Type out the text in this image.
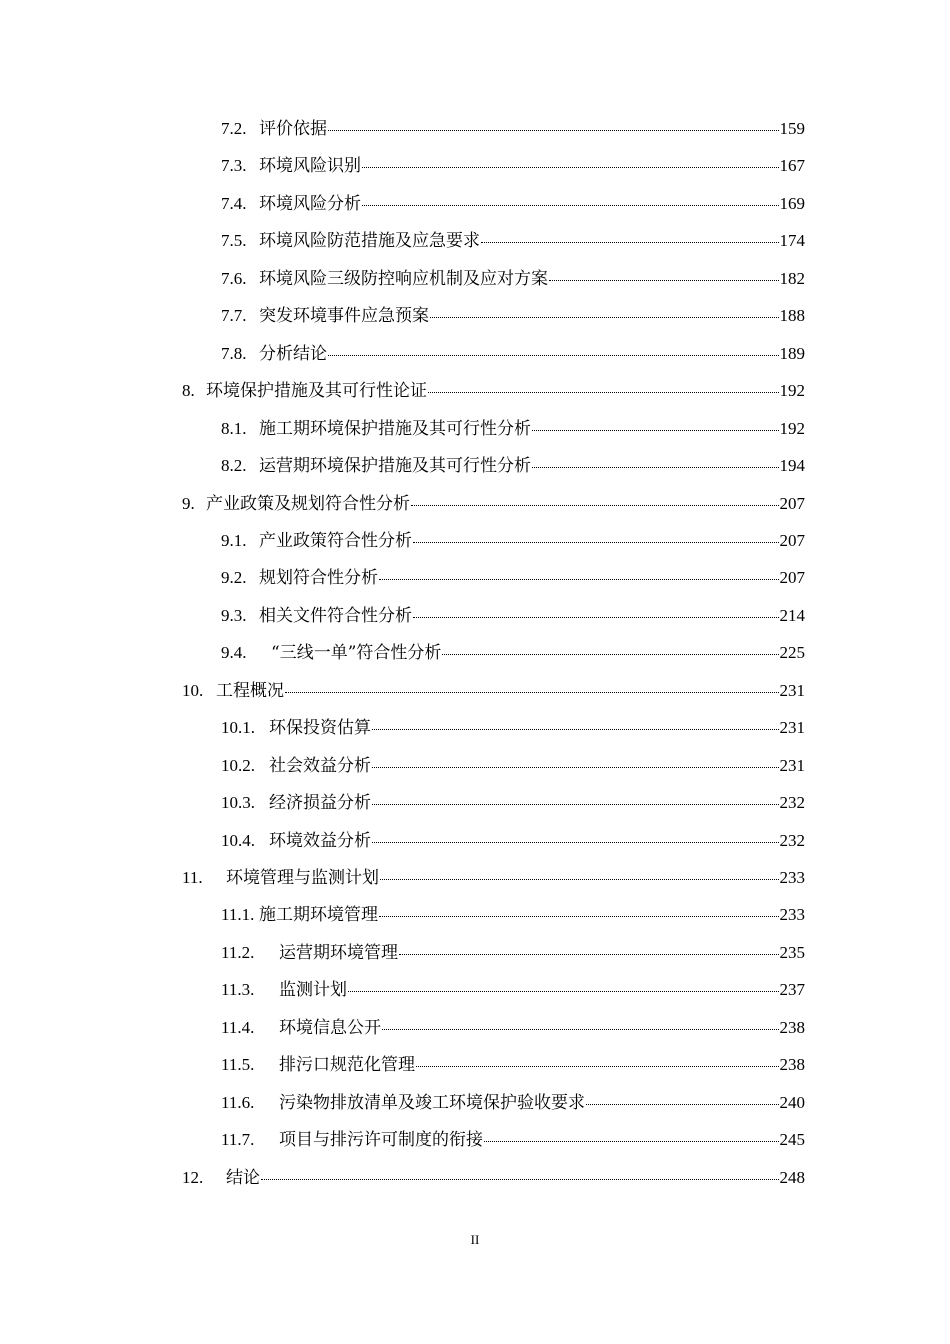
7.2. 评价依据	159
7.3. 环境风险识别	167
7.4. 环境风险分析	169
7.5. 环境风险防范措施及应急要求	174
7.6. 环境风险三级防控响应机制及应对方案	182
7.7. 突发环境事件应急预案	188
7.8. 分析结论	189
8. 环境保护措施及其可行性论证	192
8.1. 施工期环境保护措施及其可行性分析	192
8.2. 运营期环境保护措施及其可行性分析	194
9. 产业政策及规划符合性分析	207
9.1. 产业政策符合性分析	207
9.2. 规划符合性分析	207
9.3. 相关文件符合性分析	214
9.4.	“三线一单”符合性分析	225
10. 工程概况	231
10.1. 环保投资估算	231
10.2. 社会效益分析	231
10.3. 经济损益分析	232
10.4. 环境效益分析	232
11.	环境管理与监测计划	233
11.1. 施工期环境管理	233
11.2.	运营期环境管理	235
11.3.	监测计划	237
11.4.	环境信息公开	238
11.5.	排污口规范化管理	238
11.6.	污染物排放清单及竣工环境保护验收要求	240
11.7.	项目与排污许可制度的衔接	245
12.	结论	248
II
